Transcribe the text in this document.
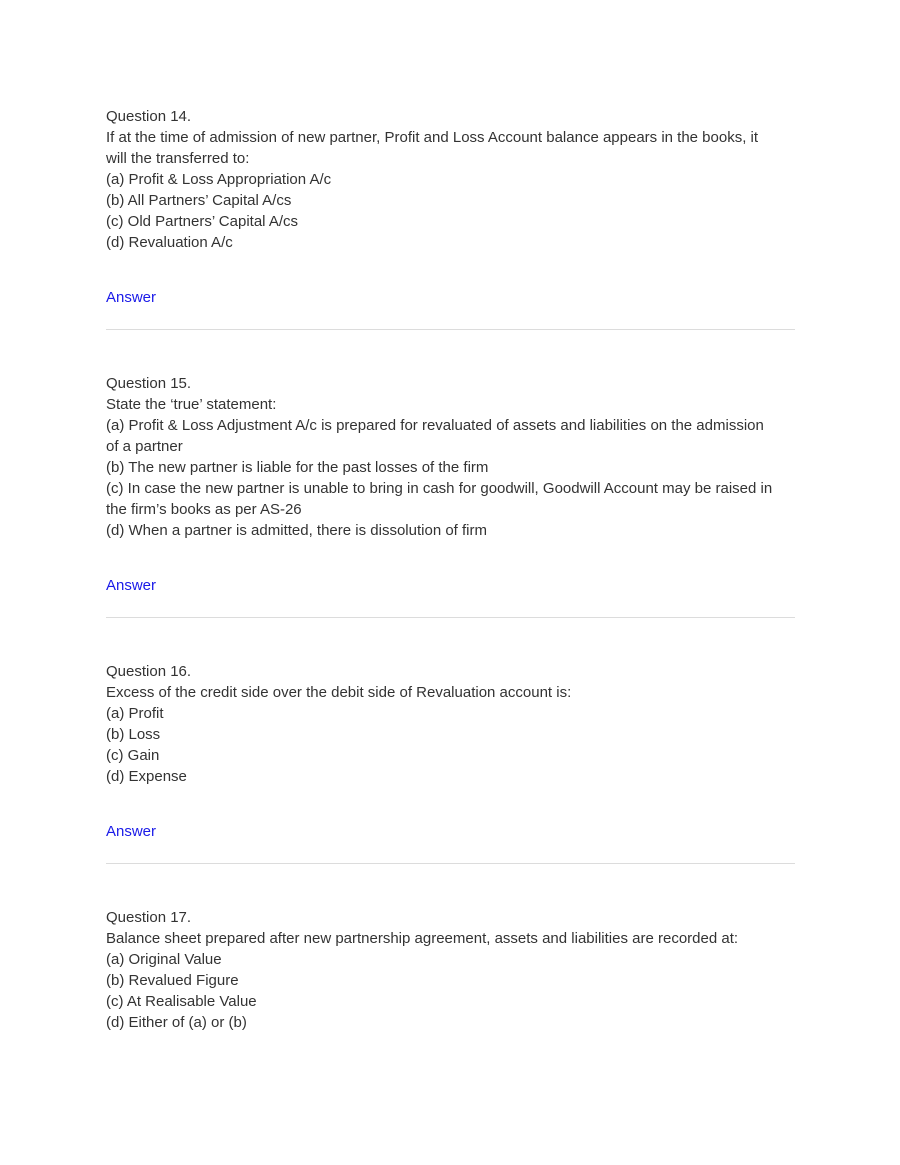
Question 14.

If at the time of admission of new partner, Profit and Loss Account balance appears in the books, it will the transferred to:

(a) Profit & Loss Appropriation A/c
(b) All Partners’ Capital A/cs
(c) Old Partners’ Capital A/cs
(d) Revaluation A/c
Answer

Question 15.

State the ‘true’ statement:

(a) Profit & Loss Adjustment A/c is prepared for revaluated of assets and liabilities on the admission of a partner
(b) The new partner is liable for the past losses of the firm
(c) In case the new partner is unable to bring in cash for goodwill, Goodwill Account may be raised in the firm’s books as per AS-26
(d) When a partner is admitted, there is dissolution of firm
Answer

Question 16.

Excess of the credit side over the debit side of Revaluation account is:

(a) Profit
(b) Loss
(c) Gain
(d) Expense
Answer

Question 17.

Balance sheet prepared after new partnership agreement, assets and liabilities are recorded at:

(a) Original Value
(b) Revalued Figure
(c) At Realisable Value
(d) Either of (a) or (b)
